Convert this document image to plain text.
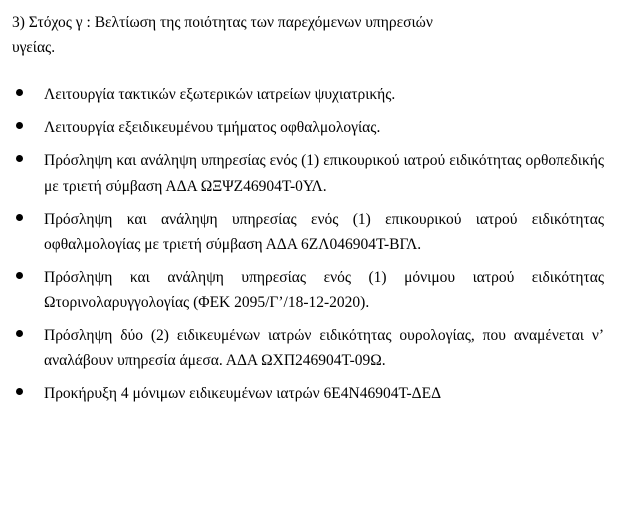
3) Στόχος γ : Βελτίωση της ποιότητας των παρεχόμενων υπηρεσιών

υγείας.

Λειτουργία τακτικών εξωτερικών ιατρείων ψυχιατρικής.
Λειτουργία εξειδικευμένου τμήματος οφθαλμολογίας.
Πρόσληψη και ανάληψη υπηρεσίας ενός (1) επικουρικού ιατρού ειδικότητας ορθοπεδικής με τριετή σύμβαση ΑΔΑ ΩΞΨZ46904Τ-0ΥΛ.
Πρόσληψη και ανάληψη υπηρεσίας ενός (1) επικουρικού ιατρού ειδικότητας οφθαλμολογίας με τριετή σύμβαση ΑΔΑ 6ΖΛ046904Τ-ΒΓΛ.
Πρόσληψη και ανάληψη υπηρεσίας ενός (1) μόνιμου ιατρού ειδικότητας Ωτορινολαρυγγολογίας (ΦΕΚ 2095/Γ’/18-12-2020).
Πρόσληψη δύο (2) ειδικευμένων ιατρών ειδικότητας ουρολογίας, που αναμένεται ν’ αναλάβουν υπηρεσία άμεσα. ΑΔΑ ΩΧΠ246904Τ-09Ω.
Προκήρυξη 4 μόνιμων ειδικευμένων ιατρών 6Ε4Ν46904Τ-ΔΕΔ
